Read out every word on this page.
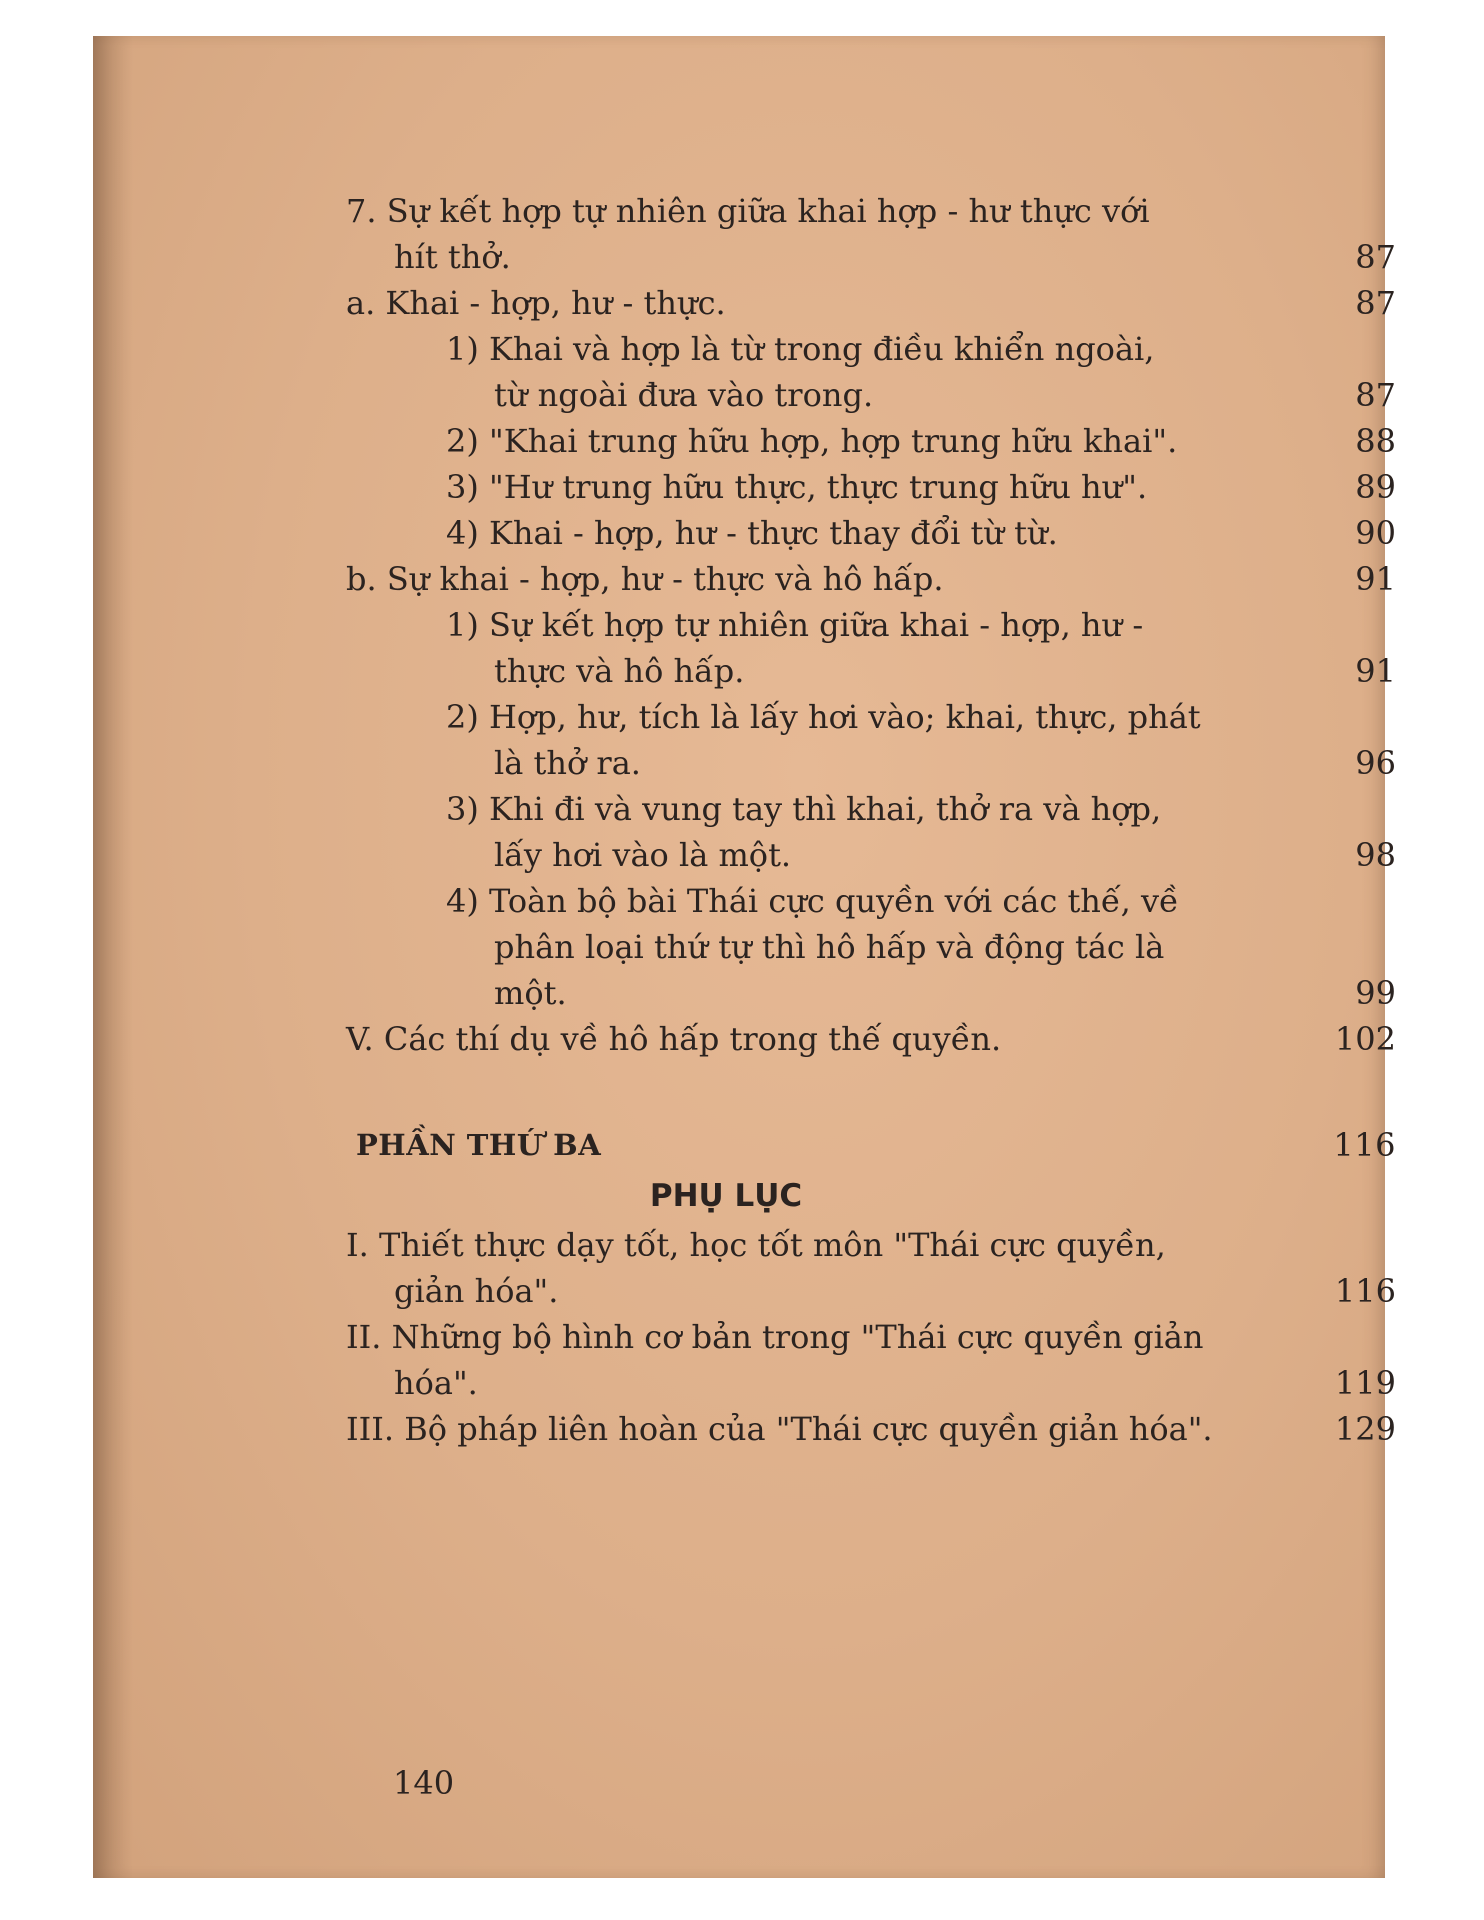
7. Sự kết hợp tự nhiên giữa khai hợp - hư thực với
hít thở.	87
a. Khai - hợp, hư - thực.	87
1) Khai và hợp là từ trong điều khiển ngoài,
từ ngoài đưa vào trong.	87
2) "Khai trung hữu hợp, hợp trung hữu khai".	88
3) "Hư trung hữu thực, thực trung hữu hư".	89
4) Khai - hợp, hư - thực thay đổi từ từ.	90
b. Sự khai - hợp, hư - thực và hô hấp.	91
1) Sự kết hợp tự nhiên giữa khai - hợp, hư -
thực và hô hấp.	91
2) Hợp, hư, tích là lấy hơi vào; khai, thực, phát
là thở ra.	96
3) Khi đi và vung tay thì khai, thở ra và hợp,
lấy hơi vào là một.	98
4) Toàn bộ bài Thái cực quyền với các thế, về
phân loại thứ tự thì hô hấp và động tác là
một.	99
V. Các thí dụ về hô hấp trong thế quyền.	102
PHẦN THỨ BA	116
PHỤ LỤC
I. Thiết thực dạy tốt, học tốt môn "Thái cực quyền,
giản hóa".	116
II. Những bộ hình cơ bản trong "Thái cực quyền giản
hóa".	119
III. Bộ pháp liên hoàn của "Thái cực quyền giản hóa".	129
140
